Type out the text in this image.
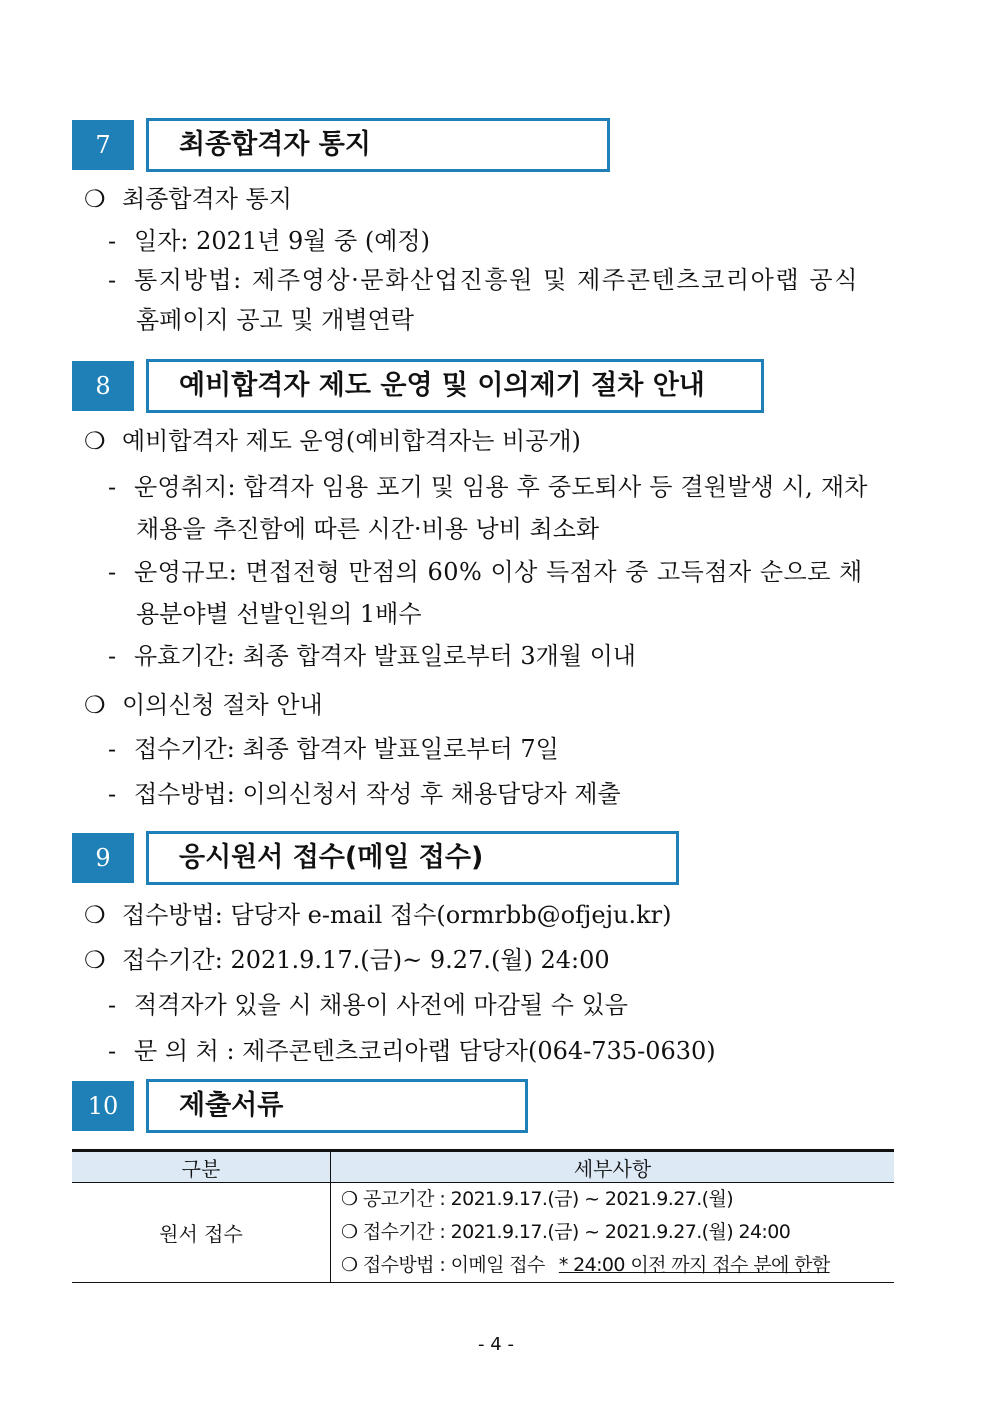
7	최종합격자 통지
❍ 최종합격자 통지
- 일자: 2021년 9월 중 (예정)
- 통지방법: 제주영상·문화산업진흥원 및 제주콘텐츠코리아랩 공식
홈페이지 공고 및 개별연락
8	예비합격자 제도 운영 및 이의제기 절차 안내
❍ 예비합격자 제도 운영(예비합격자는 비공개)
- 운영취지: 합격자 임용 포기 및 임용 후 중도퇴사 등 결원발생 시, 재차
채용을 추진함에 따른 시간·비용 낭비 최소화
- 운영규모: 면접전형 만점의 60% 이상 득점자 중 고득점자 순으로 채
용분야별 선발인원의 1배수
- 유효기간: 최종 합격자 발표일로부터 3개월 이내
❍ 이의신청 절차 안내
- 접수기간: 최종 합격자 발표일로부터 7일
- 접수방법: 이의신청서 작성 후 채용담당자 제출
9	응시원서 접수(메일 접수)
❍ 접수방법: 담당자 e-mail 접수(ormrbb@ofjeju.kr)
❍ 접수기간: 2021.9.17.(금)~ 9.27.(월) 24:00
- 적격자가 있을 시 채용이 사전에 마감될 수 있음
- 문 의 처 : 제주콘텐츠코리아랩 담당자(064-735-0630)
10	제출서류
구분	세부사항
원서 접수	❍ 공고기간 : 2021.9.17.(금) ~ 2021.9.27.(월)
❍ 접수기간 : 2021.9.17.(금) ~ 2021.9.27.(월) 24:00
❍ 접수방법 : 이메일 접수 * 24:00 이전 까지 접수 분에 한함
- 4 -
